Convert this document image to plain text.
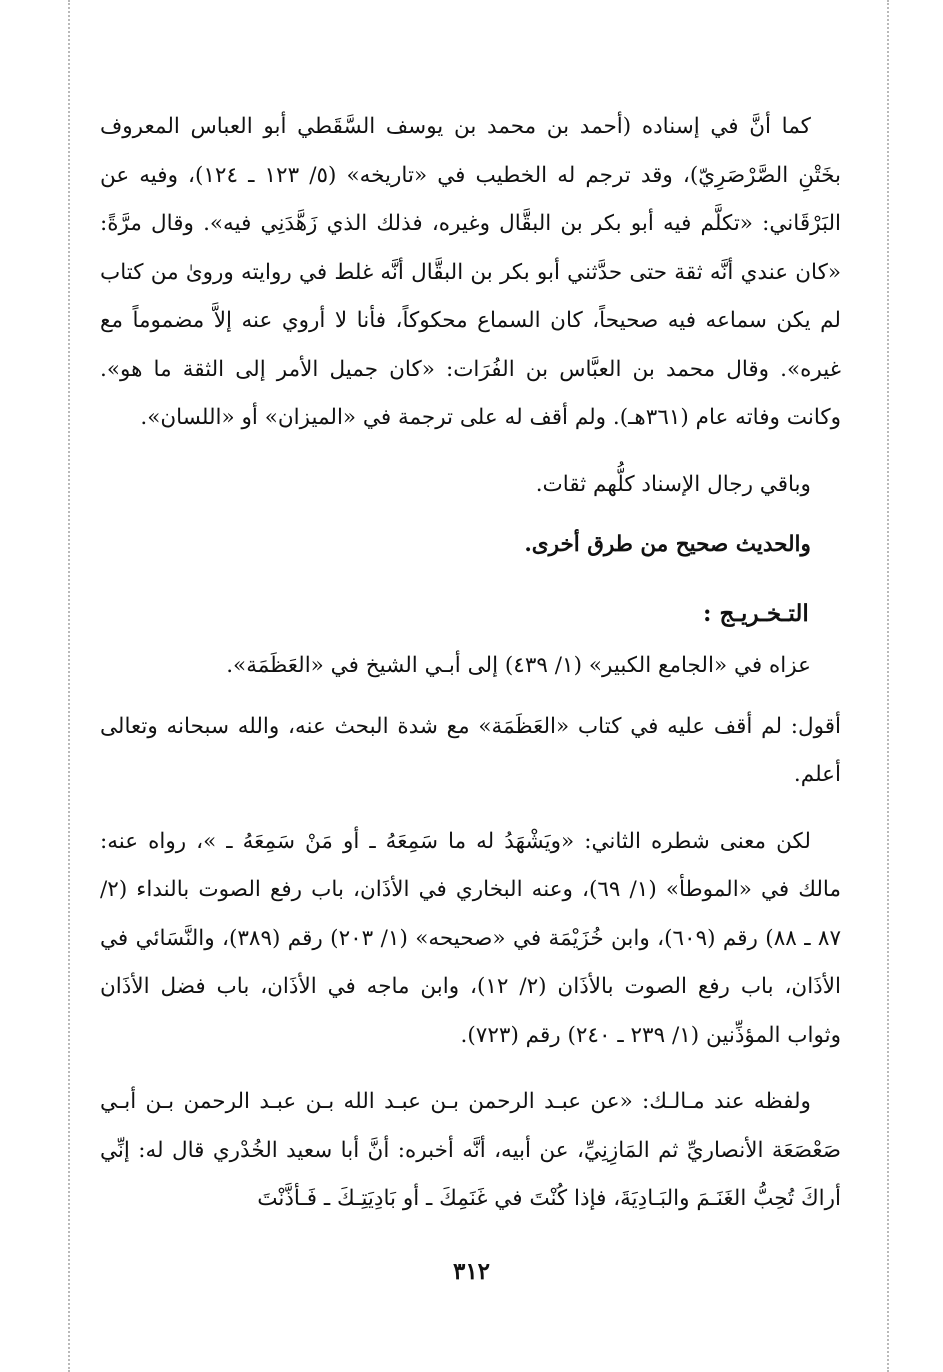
كما أنَّ في إسناده (أحمد بن محمد بن يوسف السَّقَطي أبو العباس المعروف بخَتْنِ الصَّرْصَرِيّ)، وقد ترجم له الخطيب في «تاريخه» (٥/ ١٢٣ ـ ١٢٤)، وفيه عن البَرْقَاني: «تكلَّم فيه أبو بكر بن البقَّال وغيره، فذلك الذي زَهَّدَنِي فيه». وقال مرَّةً: «كان عندي أنَّه ثقة حتى حدَّثني أبو بكر بن البقَّال أنَّه غلط في روايته وروىٰ من كتاب لم يكن سماعه فيه صحيحاً، كان السماع محكوكاً، فأنا لا أروي عنه إلاَّ مضموماً مع غيره». وقال محمد بن العبَّاس بن الفُرَات: «كان جميل الأمر إلى الثقة ما هو». وكانت وفاته عام (٣٦١هـ). ولم أقف له على ترجمة في «الميزان» أو «اللسان».

وباقي رجال الإسناد كلُّهم ثقات.

والحديث صحيح من طرق أخرى.

التـخـريـج :

عزاه في «الجامع الكبير» (١/ ٤٣٩) إلى أبـي الشيخ في «العَظَمَة».

أقول: لم أقف عليه في كتاب «العَظَمَة» مع شدة البحث عنه، والله سبحانه وتعالى أعلم.

لكن معنى شطره الثاني: «ويَشْهَدُ له ما سَمِعَهُ ـ أو مَنْ سَمِعَهُ ـ »، رواه عنه: مالك في «الموطأ» (١/ ٦٩)، وعنه البخاري في الأذَان، باب رفع الصوت بالنداء (٢/ ٨٧ ـ ٨٨) رقم (٦٠٩)، وابن خُزَيْمَة في «صحيحه» (١/ ٢٠٣) رقم (٣٨٩)، والنَّسَائي في الأذَان، باب رفع الصوت بالأذَان (٢/ ١٢)، وابن ماجه في الأذَان، باب فضل الأذَان وثواب المؤذِّنين (١/ ٢٣٩ ـ ٢٤٠) رقم (٧٢٣).

ولفظه عند مـالـك: «عن عبـد الرحمن بـن عبـد الله بـن عبـد الرحمن بـن أبـي صَعْصَعَة الأنصاريِّ ثم المَازِنِيِّ، عن أبيه، أنَّه أخبره: أنَّ أبا سعيد الخُدْري قال له: إنِّي أراكَ تُحِبُّ الغَنَـمَ والبَـادِيَةَ، فإذا كُنْتَ في غَنَمِكَ ـ أو بَادِيَتِـكَ ـ فَـأذَّنْتَ

٣١٢
